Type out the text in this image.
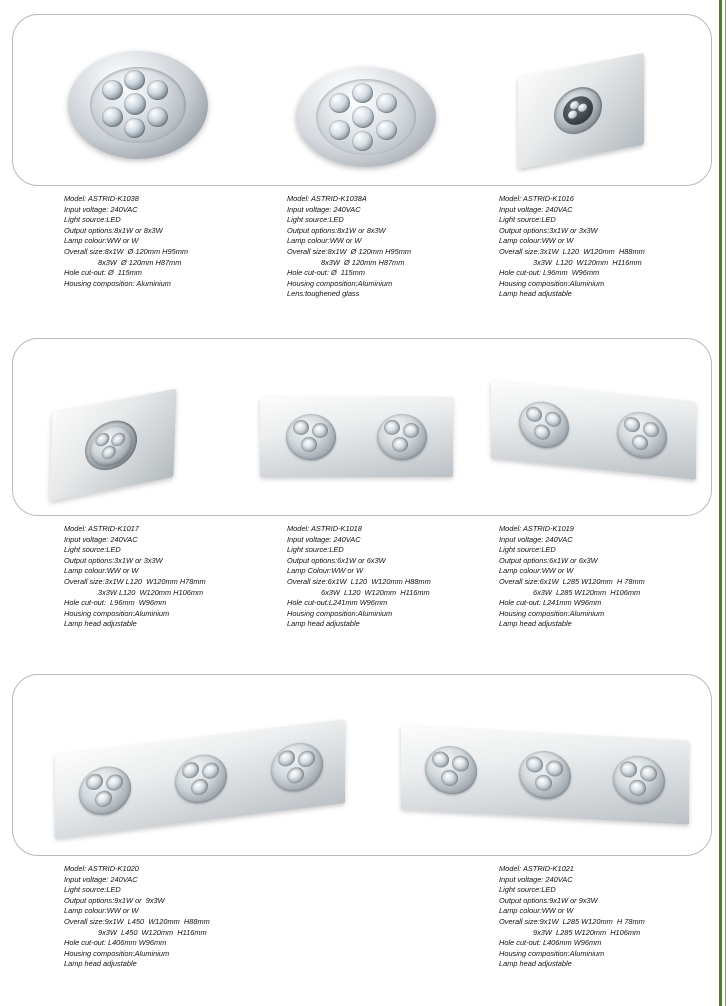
Model: ASTRID-K1038
Input voltage: 240VAC
Light source:LED
Output options:8x1W or 8x3W
Lamp colour:WW or W
Overall size:8x1W  Ø 120mm H95mm
8x3W  Ø 120mm H87mm
Hole cut-out: Ø  115mm
Housing composition: Aluminium
Model: ASTRID-K1038A
Input voltage: 240VAC
Light source:LED
Output options:8x1W or 8x3W
Lamp colour:WW or W
Overall size:8x1W  Ø 120mm H95mm
8x3W  Ø 120mm H87mm
Hole cut-out: Ø  115mm
Housing composition:Aluminium
Lens:toughened glass
Model: ASTRID-K1016
Input voltage: 240VAC
Light source:LED
Output options:3x1W or 3x3W
Lamp colour:WW or W
Overall size:3x1W  L120  W120mm  H88mm
3x3W  L120  W120mm  H116mm
Hole cut-out: L96mm  W96mm
Housing composition:Aluminium
Lamp head adjustable
Model: ASTRID-K1017
Input voltage: 240VAC
Light source:LED
Output options:3x1W or 3x3W
Lamp colour:WW or W
Overall size:3x1W L120  W120mm H78mm
3x3W L120  W120mm H106mm
Hole cut-out:  L96mm  W96mm
Housing composition:Aluminium
Lamp head adjustable
Model: ASTRID-K1018
Input voltage: 240VAC
Light source:LED
Output options:6x1W or 6x3W
Lamp Colour:WW or W
Overall size:6x1W  L120  W120mm H88mm
6x3W  L120  W120mm  H116mm
Hole cut-out:L241mm W96mm
Housing composition:Aluminium
Lamp head adjustable
Model: ASTRID-K1019
Input voltage: 240VAC
Light source:LED
Output options:6x1W or 6x3W
Lamp colour:WW or W
Overall size:6x1W  L285 W120mm  H 78mm
6x3W  L285 W120mm  H106mm
Hole cut-out: L241mm W96mm
Housing composition:Aluminium
Lamp head adjustable
Model: ASTRID-K1020
Input voltage: 240VAC
Light source:LED
Output options:9x1W or  9x3W
Lamp colour:WW or W
Overall size:9x1W  L450  W120mm  H88mm
9x3W  L450  W120mm  H116mm
Hole cut-out: L406mm W96mm
Housing composition:Aluminium
Lamp head adjustable
Model: ASTRID-K1021
Input voltage: 240VAC
Light source:LED
Output options:9x1W or 9x3W
Lamp colour:WW or W
Overall size:9x1W  L285 W120mm  H 78mm
9x3W  L285 W120mm  H106mm
Hole cut-out: L406mm W96mm
Housing composition:Aluminium
Lamp head adjustable
